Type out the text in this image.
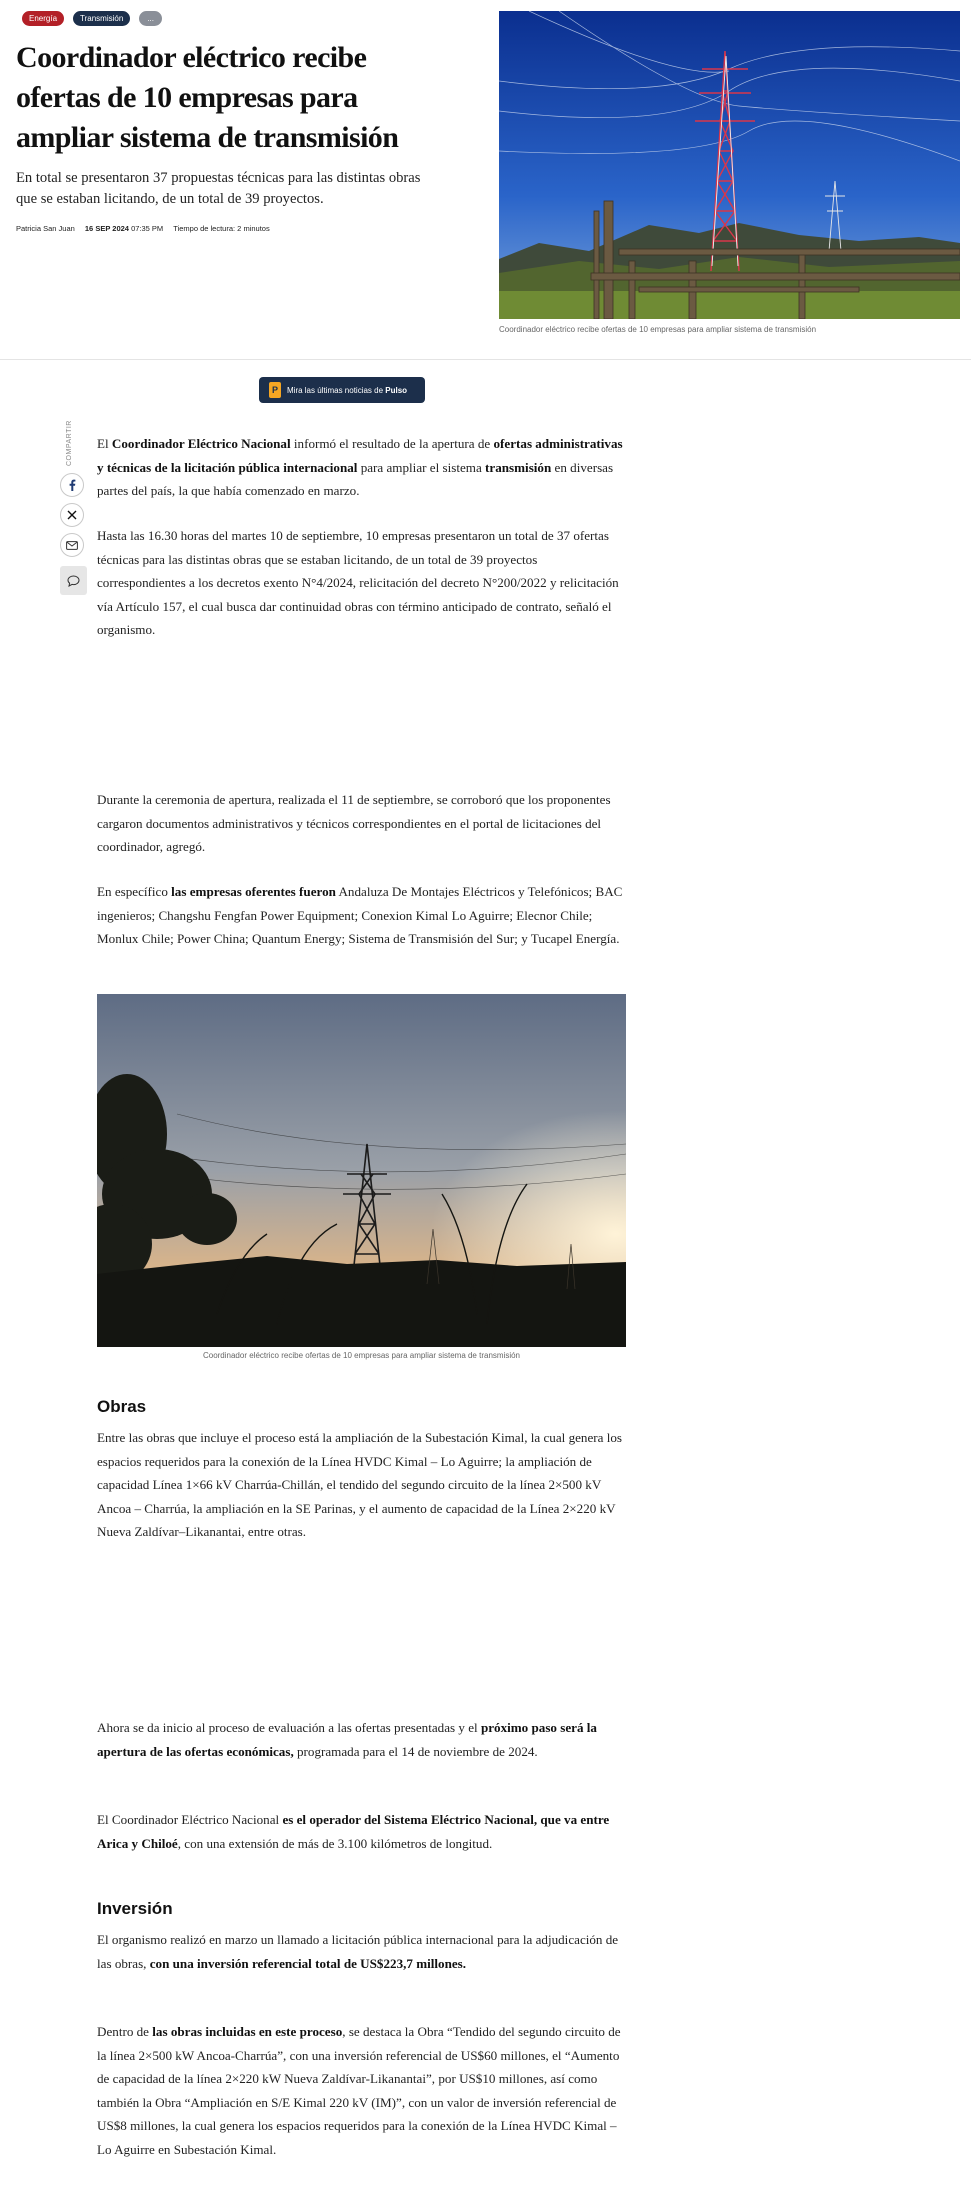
Energía	Transmisión	...
Coordinador eléctrico recibe ofertas de 10 empresas para ampliar sistema de transmisión

En total se presentaron 37 propuestas técnicas para las distintas obras que se estaban licitando, de un total de 39 proyectos.

Patricia San Juan 16 SEP 2024 07:35 PM Tiempo de lectura: 2 minutos
Coordinador eléctrico recibe ofertas de 10 empresas para ampliar sistema de transmisión
P	Mira las últimas noticias de Pulso
COMPARTIR	El Coordinador Eléctrico Nacional informó el resultado de la apertura de ofertas administrativas y técnicas de la licitación pública internacional para ampliar el sistema transmisión en diversas partes del país, la que había comenzado en marzo.

Hasta las 16.30 horas del martes 10 de septiembre, 10 empresas presentaron un total de 37 ofertas técnicas para las distintas obras que se estaban licitando, de un total de 39 proyectos correspondientes a los decretos exento N°4/2024, relicitación del decreto N°200/2022 y relicitación vía Artículo 157, el cual busca dar continuidad obras con término anticipado de contrato, señaló el organismo.

Durante la ceremonia de apertura, realizada el 11 de septiembre, se corroboró que los proponentes cargaron documentos administrativos y técnicos correspondientes en el portal de licitaciones del coordinador, agregó.

En específico las empresas oferentes fueron Andaluza De Montajes Eléctricos y Telefónicos; BAC ingenieros; Changshu Fengfan Power Equipment; Conexion Kimal Lo Aguirre; Elecnor Chile; Monlux Chile; Power China; Quantum Energy; Sistema de Transmisión del Sur; y Tucapel Energía.

Coordinador eléctrico recibe ofertas de 10 empresas para ampliar sistema de transmisión
Obras

Entre las obras que incluye el proceso está la ampliación de la Subestación Kimal, la cual genera los espacios requeridos para la conexión de la Línea HVDC Kimal – Lo Aguirre; la ampliación de capacidad Línea 1×66 kV Charrúa-Chillán, el tendido del segundo circuito de la línea 2×500 kV Ancoa – Charrúa, la ampliación en la SE Parinas, y el aumento de capacidad de la Línea 2×220 kV Nueva Zaldívar–Likanantai, entre otras.

Ahora se da inicio al proceso de evaluación a las ofertas presentadas y el próximo paso será la apertura de las ofertas económicas, programada para el 14 de noviembre de 2024.

El Coordinador Eléctrico Nacional es el operador del Sistema Eléctrico Nacional, que va entre Arica y Chiloé, con una extensión de más de 3.100 kilómetros de longitud.

Inversión

El organismo realizó en marzo un llamado a licitación pública internacional para la adjudicación de las obras, con una inversión referencial total de US$223,7 millones.

Dentro de las obras incluidas en este proceso, se destaca la Obra “Tendido del segundo circuito de la línea 2×500 kW Ancoa-Charrúa”, con una inversión referencial de US$60 millones, el “Aumento de capacidad de la línea 2×220 kW Nueva Zaldívar-Likanantai”, por US$10 millones, así como también la Obra “Ampliación en S/E Kimal 220 kV (IM)”, con un valor de inversión referencial de US$8 millones, la cual genera los espacios requeridos para la conexión de la Línea HVDC Kimal – Lo Aguirre en Subestación Kimal.
